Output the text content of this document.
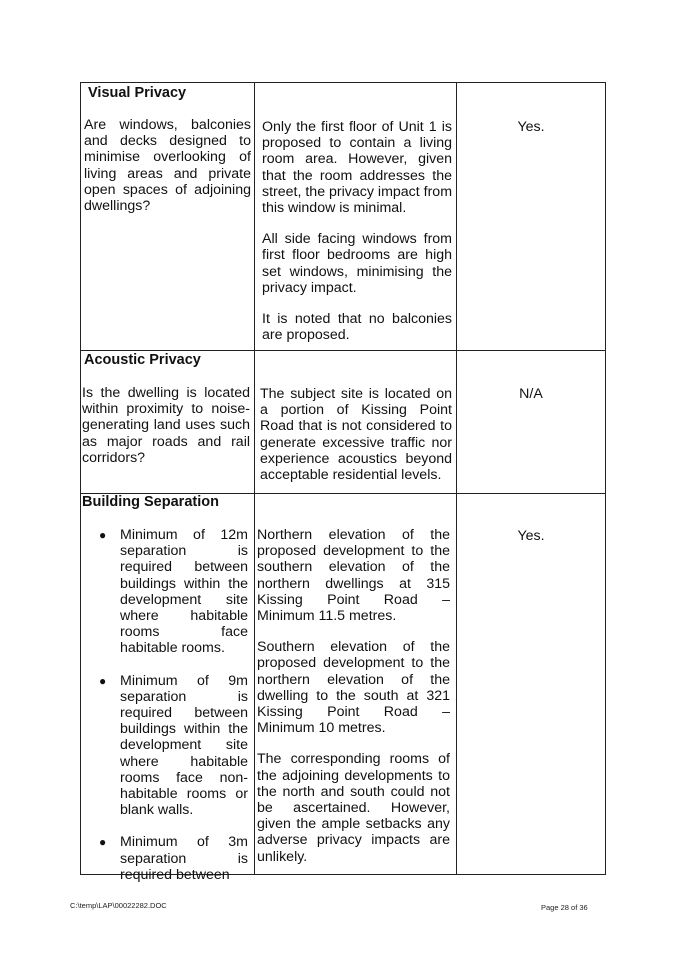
Visual Privacy
Are windows, balconies and decks designed to minimise overlooking of living areas and private open spaces of adjoining dwellings?

Only the first floor of Unit 1 is proposed to contain a living room area. However, given that the room addresses the street, the privacy impact from this window is minimal.

All side facing windows from first floor bedrooms are high set windows, minimising the privacy impact.

It is noted that no balconies are proposed.

Yes.
Acoustic Privacy
Is the dwelling is located within proximity to noise-generating land uses such as major roads and rail corridors?

The subject site is located on a portion of Kissing Point Road that is not considered to generate excessive traffic nor experience acoustics beyond acceptable residential levels.

N/A
Building Separation
● Minimum of 12m separation is required between buildings within the development site where habitable rooms face habitable rooms.
● Minimum of 9m separation is required between buildings within the development site where habitable rooms face non-habitable rooms or blank walls.
● Minimum of 3m separation is required between

Northern elevation of the proposed development to the southern elevation of the northern dwellings at 315 Kissing Point Road – Minimum 11.5 metres.

Southern elevation of the proposed development to the northern elevation of the dwelling to the south at 321 Kissing Point Road – Minimum 10 metres.

The corresponding rooms of the adjoining developments to the north and south could not be ascertained. However, given the ample setbacks any adverse privacy impacts are unlikely.

Yes.
C:\temp\LAP\00022282.DOC	Page 28 of 36
